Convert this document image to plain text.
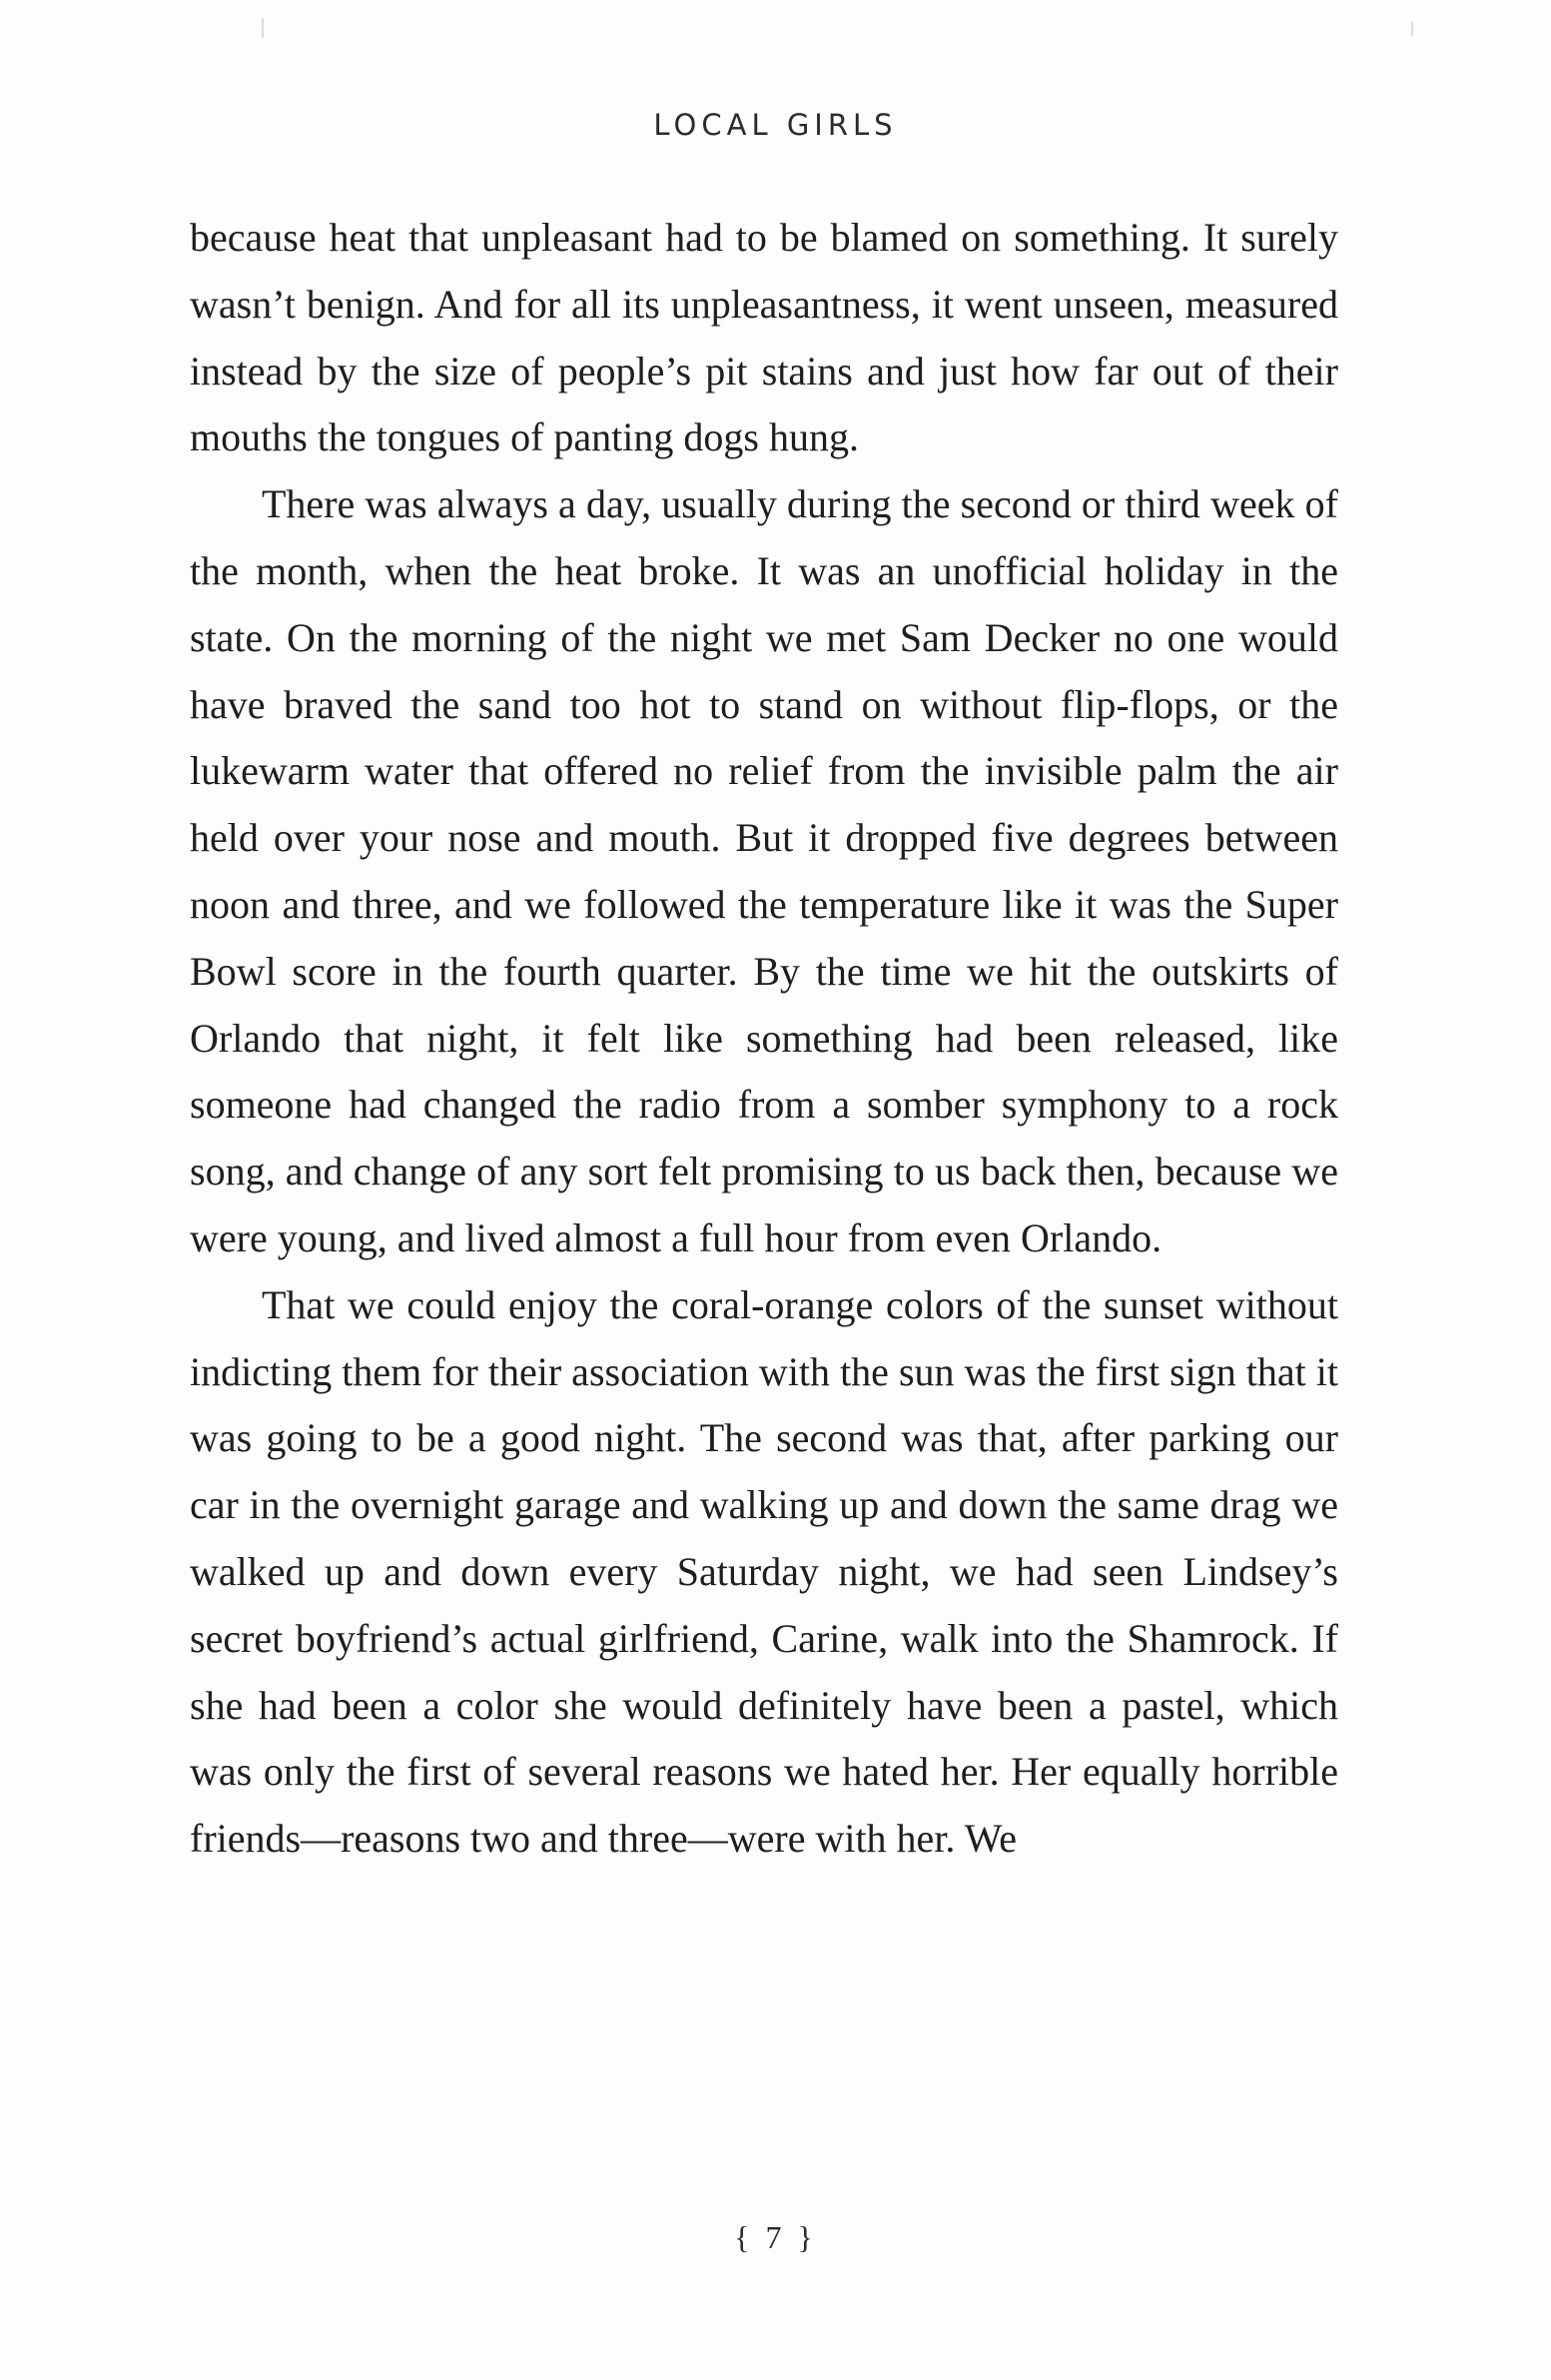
LOCAL GIRLS

because heat that unpleasant had to be blamed on something. It surely wasn’t benign. And for all its unpleasantness, it went unseen, measured instead by the size of people’s pit stains and just how far out of their mouths the tongues of panting dogs hung.

There was always a day, usually during the second or third week of the month, when the heat broke. It was an unofficial holiday in the state. On the morning of the night we met Sam Decker no one would have braved the sand too hot to stand on without flip-flops, or the lukewarm water that offered no relief from the invisible palm the air held over your nose and mouth. But it dropped five degrees between noon and three, and we followed the temperature like it was the Super Bowl score in the fourth quarter. By the time we hit the outskirts of Orlando that night, it felt like something had been released, like someone had changed the radio from a somber symphony to a rock song, and change of any sort felt promising to us back then, because we were young, and lived almost a full hour from even Orlando.

That we could enjoy the coral-orange colors of the sunset without indicting them for their association with the sun was the first sign that it was going to be a good night. The second was that, after parking our car in the overnight garage and walking up and down the same drag we walked up and down every Saturday night, we had seen Lindsey’s secret boyfriend’s actual girlfriend, Carine, walk into the Shamrock. If she had been a color she would definitely have been a pastel, which was only the first of several reasons we hated her. Her equally horrible friends—reasons two and three—were with her. We

{ 7 }
